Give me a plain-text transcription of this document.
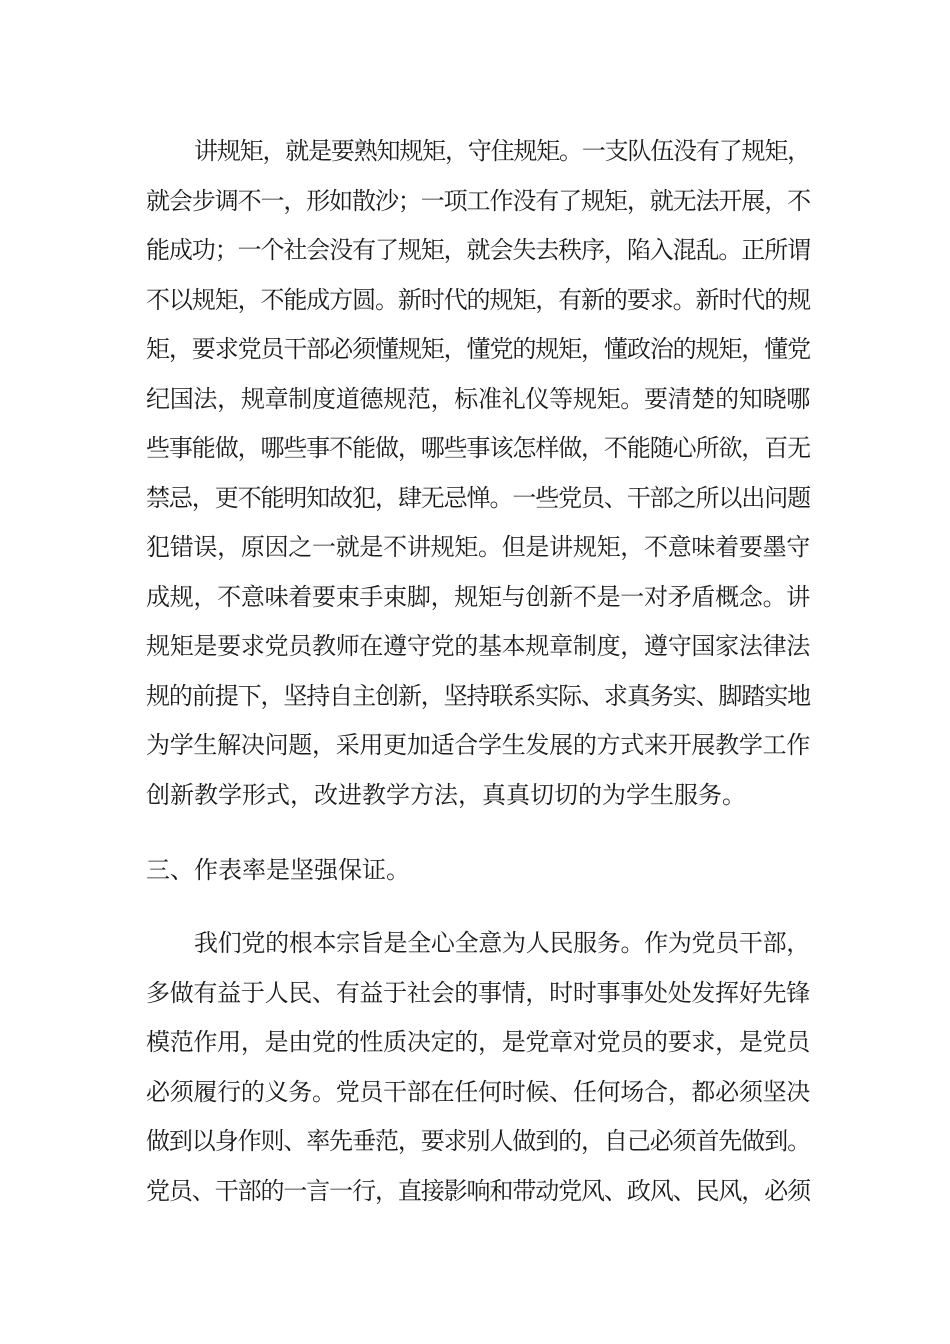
讲规矩，就是要熟知规矩，守住规矩。一支队伍没有了规矩，
就会步调不一，形如散沙；一项工作没有了规矩，就无法开展，不
能成功；一个社会没有了规矩，就会失去秩序，陷入混乱。正所谓
不以规矩，不能成方圆。新时代的规矩，有新的要求。新时代的规
矩，要求党员干部必须懂规矩，懂党的规矩，懂政治的规矩，懂党
纪国法，规章制度道德规范，标准礼仪等规矩。要清楚的知晓哪
些事能做，哪些事不能做，哪些事该怎样做，不能随心所欲，百无
禁忌，更不能明知故犯，肆无忌惮。一些党员、干部之所以出问题
犯错误，原因之一就是不讲规矩。但是讲规矩，不意味着要墨守
成规，不意味着要束手束脚，规矩与创新不是一对矛盾概念。讲
规矩是要求党员教师在遵守党的基本规章制度，遵守国家法律法
规的前提下，坚持自主创新，坚持联系实际、求真务实、脚踏实地
为学生解决问题，采用更加适合学生发展的方式来开展教学工作
创新教学形式，改进教学方法，真真切切的为学生服务。

三、作表率是坚强保证。

我们党的根本宗旨是全心全意为人民服务。作为党员干部，
多做有益于人民、有益于社会的事情，时时事事处处发挥好先锋
模范作用，是由党的性质决定的，是党章对党员的要求，是党员
必须履行的义务。党员干部在任何时候、任何场合，都必须坚决
做到以身作则、率先垂范，要求别人做到的，自己必须首先做到。
党员、干部的一言一行，直接影响和带动党风、政风、民风，必须
